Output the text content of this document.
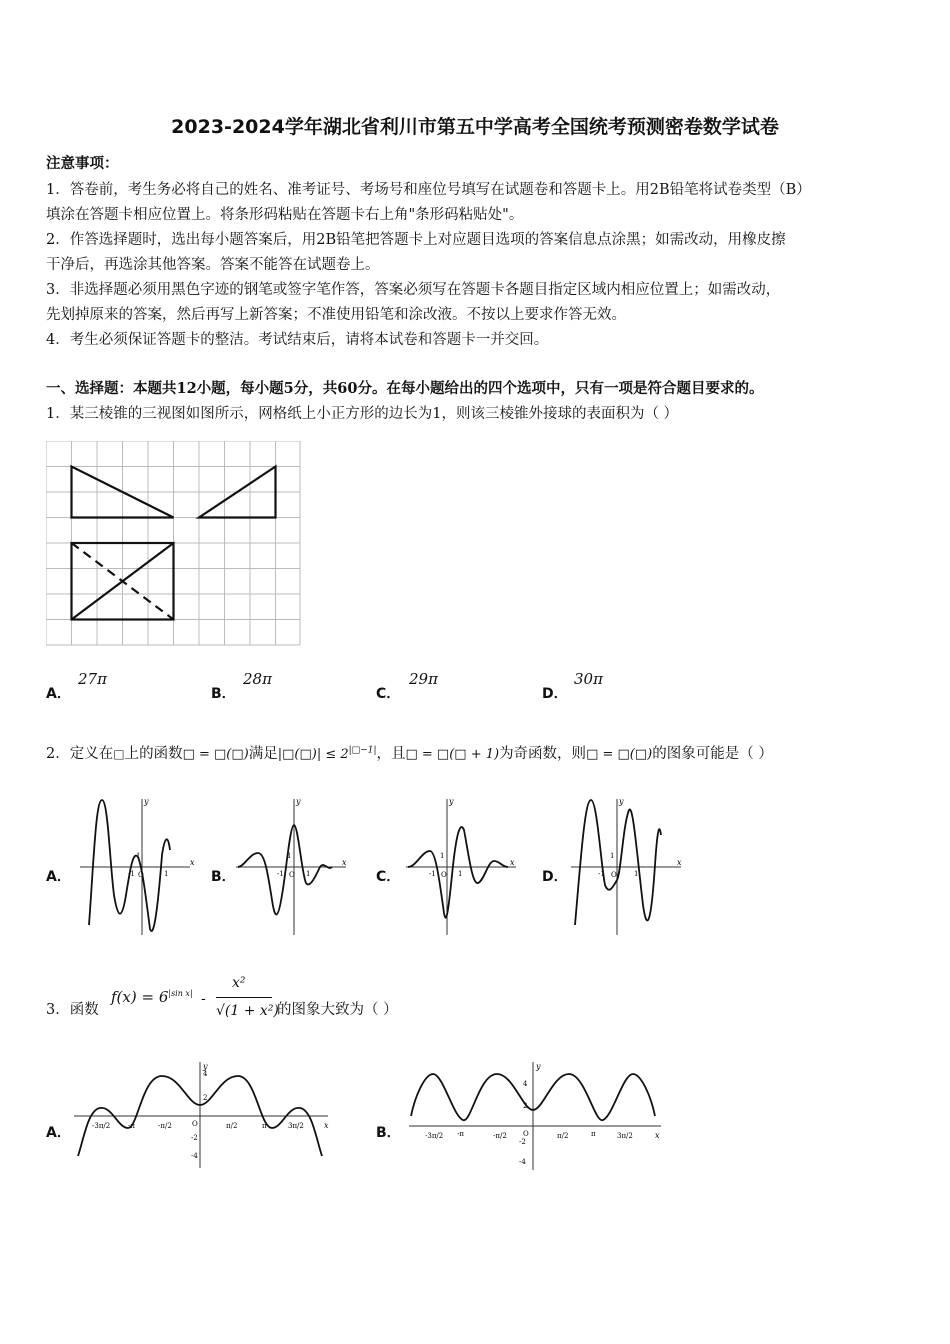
2023-2024学年湖北省利川市第五中学高考全国统考预测密卷数学试卷
注意事项：
1．答卷前，考生务必将自己的姓名、准考证号、考场号和座位号填写在试题卷和答题卡上。用2B铅笔将试卷类型（B）
填涂在答题卡相应位置上。将条形码粘贴在答题卡右上角"条形码粘贴处"。
2．作答选择题时，选出每小题答案后，用2B铅笔把答题卡上对应题目选项的答案信息点涂黑；如需改动，用橡皮擦
干净后，再选涂其他答案。答案不能答在试题卷上。
3．非选择题必须用黑色字迹的钢笔或签字笔作答，答案必须写在答题卡各题目指定区域内相应位置上；如需改动，
先划掉原来的答案，然后再写上新答案；不准使用铅笔和涂改液。不按以上要求作答无效。
4．考生必须保证答题卡的整洁。考试结束后，请将本试卷和答题卡一并交回。
一、选择题：本题共12小题，每小题5分，共60分。在每小题给出的四个选项中，只有一项是符合题目要求的。
1．某三棱锥的三视图如图所示，网格纸上小正方形的边长为1，则该三棱锥外接球的表面积为（ ）
A．
27π
B．
28π
C．
29π
D．
30π
2．定义在□上的函数□ = □(□)满足|□(□)| ≤ $2^{|□-1|}$，且□ = □(□ + 1)为奇函数，则□ = □(□)的图象可能是（ ）
A．	B．	C．	D．
x
y
-1 O
1
1
x
y
-1 O
1
1
x
y
-1 O
1
1
x
y
-1 O
1
1
3．函数
$f(x) = 6^{|sin x|}$ -
x²
√(1 + x²)
的图象大致为（ ）
A．	B．
x
y
4
2
-2
-4
-3π/2	-π	-π/2	O	π/2	π	3π/2
x
y
4
2
-2
-4
-3π/2 -π	-π/2 O	π/2	π	3π/2
